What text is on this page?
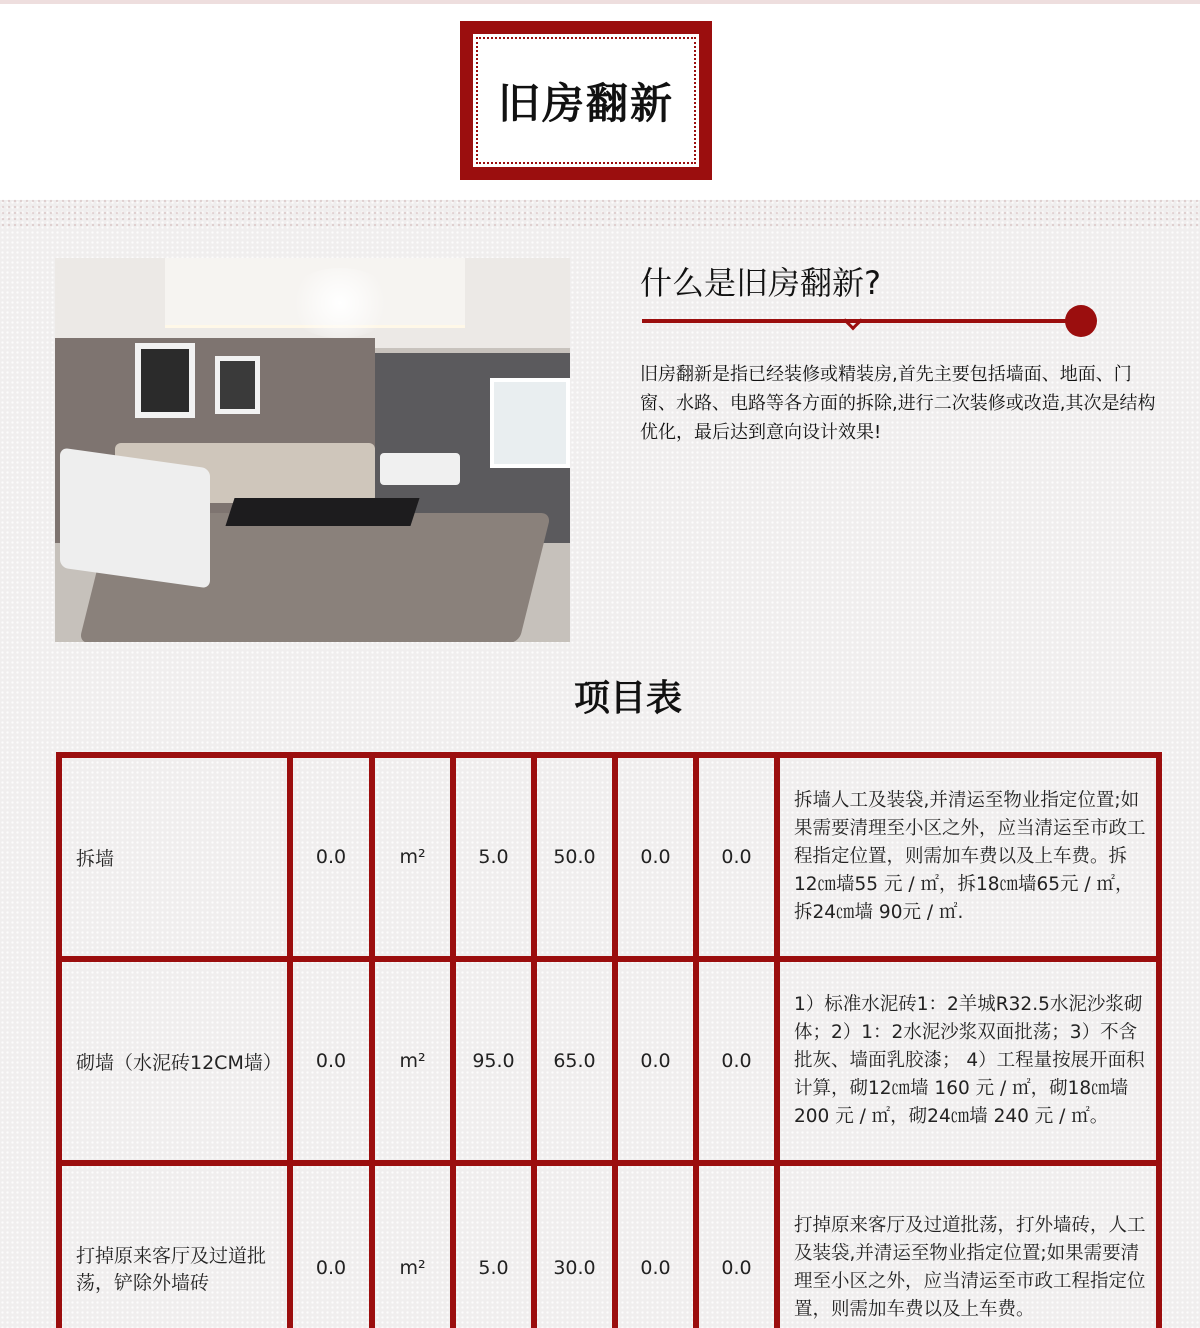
旧房翻新
什么是旧房翻新?

旧房翻新是指已经装修或精装房,首先主要包括墙面、地面、门窗、水路、电路等各方面的拆除,进行二次装修或改造,其次是结构优化，最后达到意向设计效果!

项目表
拆墙	0.0	m²	5.0	50.0	0.0	0.0	拆墙人工及装袋,并清运至物业指定位置;如果需要清理至小区之外，应当清运至市政工程指定位置，则需加车费以及上车费。拆12㎝墙55 元 / ㎡，拆18㎝墙65元 / ㎡，拆24㎝墙 90元 / ㎡.
砌墙（水泥砖12CM墙）	0.0	m²	95.0	65.0	0.0	0.0	1）标准水泥砖1：2羊城R32.5水泥沙浆砌体；2）1：2水泥沙浆双面批荡；3）不含批灰、墙面乳胶漆； 4）工程量按展开面积计算，砌12㎝墙 160 元 / ㎡，砌18㎝墙 200 元 / ㎡，砌24㎝墙 240 元 / ㎡。
打掉原来客厅及过道批荡，铲除外墙砖	0.0	m²	5.0	30.0	0.0	0.0	打掉原来客厅及过道批荡，打外墙砖，人工及装袋,并清运至物业指定位置;如果需要清理至小区之外，应当清运至市政工程指定位置，则需加车费以及上车费。
